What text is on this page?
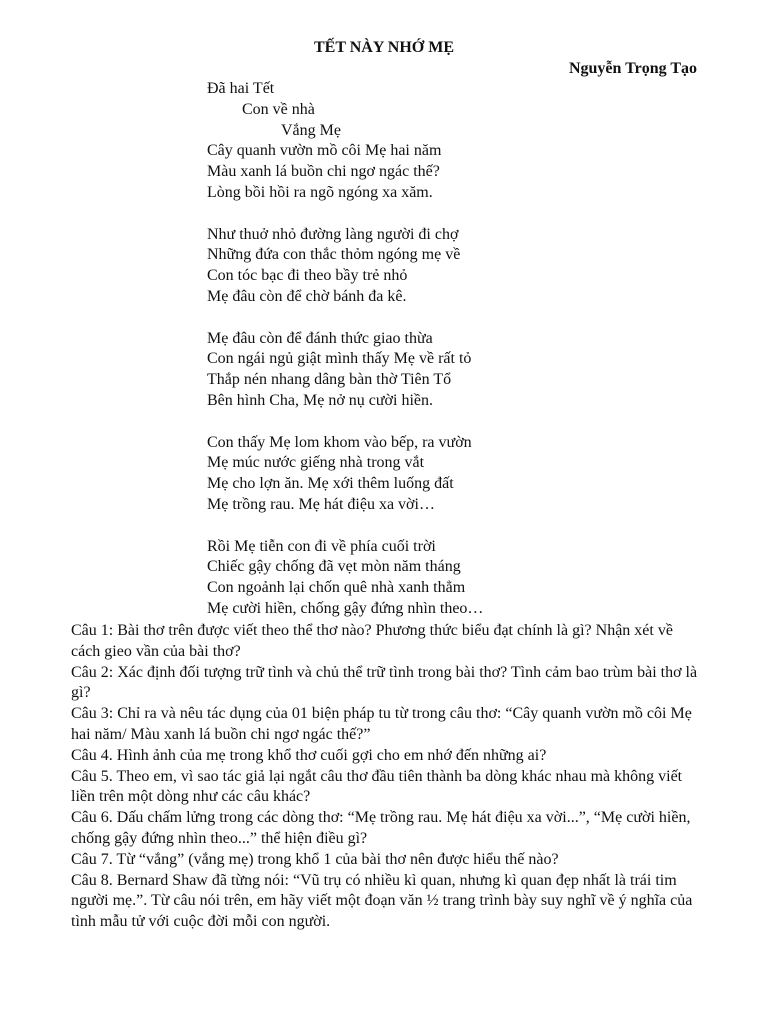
TẾT NÀY NHỚ MẸ
Nguyễn Trọng Tạo
Đã hai Tết
Con về nhà
Vắng Mẹ
Cây quanh vườn mồ côi Mẹ hai năm
Màu xanh lá buồn chi ngơ ngác thế?
Lòng bồi hồi ra ngõ ngóng xa xăm.
Như thuở nhỏ đường làng người đi chợ
Những đứa con thắc thỏm ngóng mẹ về
Con tóc bạc đi theo bầy trẻ nhỏ
Mẹ đâu còn để chờ bánh đa kê.
Mẹ đâu còn để đánh thức giao thừa
Con ngái ngủ giật mình thấy Mẹ về rất tỏ
Thắp nén nhang dâng bàn thờ Tiên Tổ
Bên hình Cha, Mẹ nở nụ cười hiền.
Con thấy Mẹ lom khom vào bếp, ra vườn
Mẹ múc nước giếng nhà trong vắt
Mẹ cho lợn ăn. Mẹ xới thêm luống đất
Mẹ trồng rau. Mẹ hát điệu xa vời…
Rồi Mẹ tiễn con đi về phía cuối trời
Chiếc gậy chống đã vẹt mòn năm tháng
Con ngoảnh lại chốn quê nhà xanh thẳm
Mẹ cười hiền, chống gậy đứng nhìn theo…

Câu 1: Bài thơ trên được viết theo thể thơ nào? Phương thức biểu đạt chính là gì? Nhận xét về cách gieo vần của bài thơ?

Câu 2: Xác định đối tượng trữ tình và chủ thể trữ tình trong bài thơ? Tình cảm bao trùm bài thơ là gì?

Câu 3: Chỉ ra và nêu tác dụng của 01 biện pháp tu từ trong câu thơ: “Cây quanh vườn mồ côi Mẹ hai năm/ Màu xanh lá buồn chi ngơ ngác thế?”

Câu 4. Hình ảnh của mẹ trong khổ thơ cuối gợi cho em nhớ đến những ai?

Câu 5. Theo em, vì sao tác giả lại ngắt câu thơ đầu tiên thành ba dòng khác nhau mà không viết liền trên một dòng như các câu khác?

Câu 6. Dấu chấm lửng trong các dòng thơ: “Mẹ trồng rau. Mẹ hát điệu xa vời...”, “Mẹ cười hiền, chống gậy đứng nhìn theo...” thể hiện điều gì?

Câu 7. Từ “vắng” (vắng mẹ) trong khổ 1 của bài thơ nên được hiểu thế nào?

Câu 8. Bernard Shaw đã từng nói: “Vũ trụ có nhiều kì quan, nhưng kì quan đẹp nhất là trái tim người mẹ.”. Từ câu nói trên, em hãy viết một đoạn văn ½ trang trình bày suy nghĩ về ý nghĩa của tình mẫu tử với cuộc đời mỗi con người.
